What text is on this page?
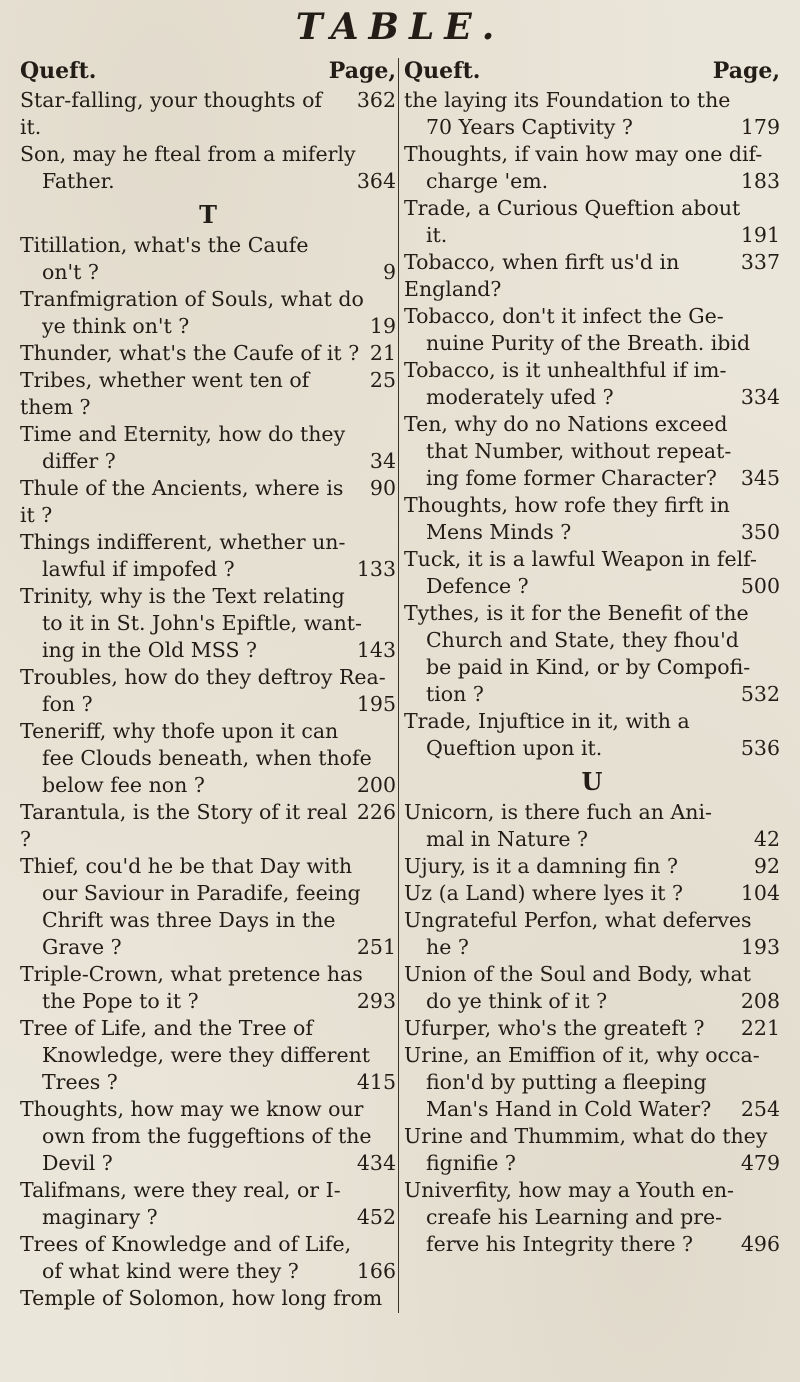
TABLE.
Queft.	Page,
362
Star-falling, your thoughts of it.
Son, may he fteal from a miferly
364
Father.
T
Titillation, what's the Caufe
9
on't ?
Tranfmigration of Souls, what do
19
ye think on't ?
21
Thunder, what's the Caufe of it ?
25
Tribes, whether went ten of them ?
Time and Eternity, how do they
34
differ ?
90
Thule of the Ancients, where is it ?
Things indifferent, whether un-
133
lawful if impofed ?
Trinity, why is the Text relating
to it in St. John's Epiftle, want-
143
ing in the Old MSS ?
Troubles, how do they deftroy Rea-
195
fon ?
Teneriff, why thofe upon it can
fee Clouds beneath, when thofe
200
below fee non ?
226
Tarantula, is the Story of it real ?
Thief, cou'd he be that Day with
our Saviour in Paradife, feeing
Chrift was three Days in the
251
Grave ?
Triple-Crown, what pretence has
293
the Pope to it ?
Tree of Life, and the Tree of
Knowledge, were they different
415
Trees ?
Thoughts, how may we know our
own from the fuggeftions of the
434
Devil ?
Talifmans, were they real, or I-
452
maginary ?
Trees of Knowledge and of Life,
166
of what kind were they ?
Temple of Solomon, how long from
Queft.	Page,
the laying its Foundation to the
179
70 Years Captivity ?
Thoughts, if vain how may one dif-
183
charge 'em.
Trade, a Curious Queftion about
191
it.
337
Tobacco, when firft us'd in England?
Tobacco, don't it infect the Ge-
nuine Purity of the Breath. ibid
Tobacco, is it unhealthful if im-
334
moderately ufed ?
Ten, why do no Nations exceed
that Number, without repeat-
345
ing fome former Character?
Thoughts, how rofe they firft in
350
Mens Minds ?
Tuck, it is a lawful Weapon in felf-
500
Defence ?
Tythes, is it for the Benefit of the
Church and State, they fhou'd
be paid in Kind, or by Compofi-
532
tion ?
Trade, Injuftice in it, with a
536
Queftion upon it.
U
Unicorn, is there fuch an Ani-
42
mal in Nature ?
92
Ujury, is it a damning fin ?
104
Uz (a Land) where lyes it ?
Ungrateful Perfon, what deferves
193
he ?
Union of the Soul and Body, what
208
do ye think of it ?
221
Ufurper, who's the greateft ?
Urine, an Emiffion of it, why occa-
fion'd by putting a fleeping
254
Man's Hand in Cold Water?
Urine and Thummim, what do they
479
fignifie ?
Univerfity, how may a Youth en-
creafe his Learning and pre-
496
ferve his Integrity there ?
